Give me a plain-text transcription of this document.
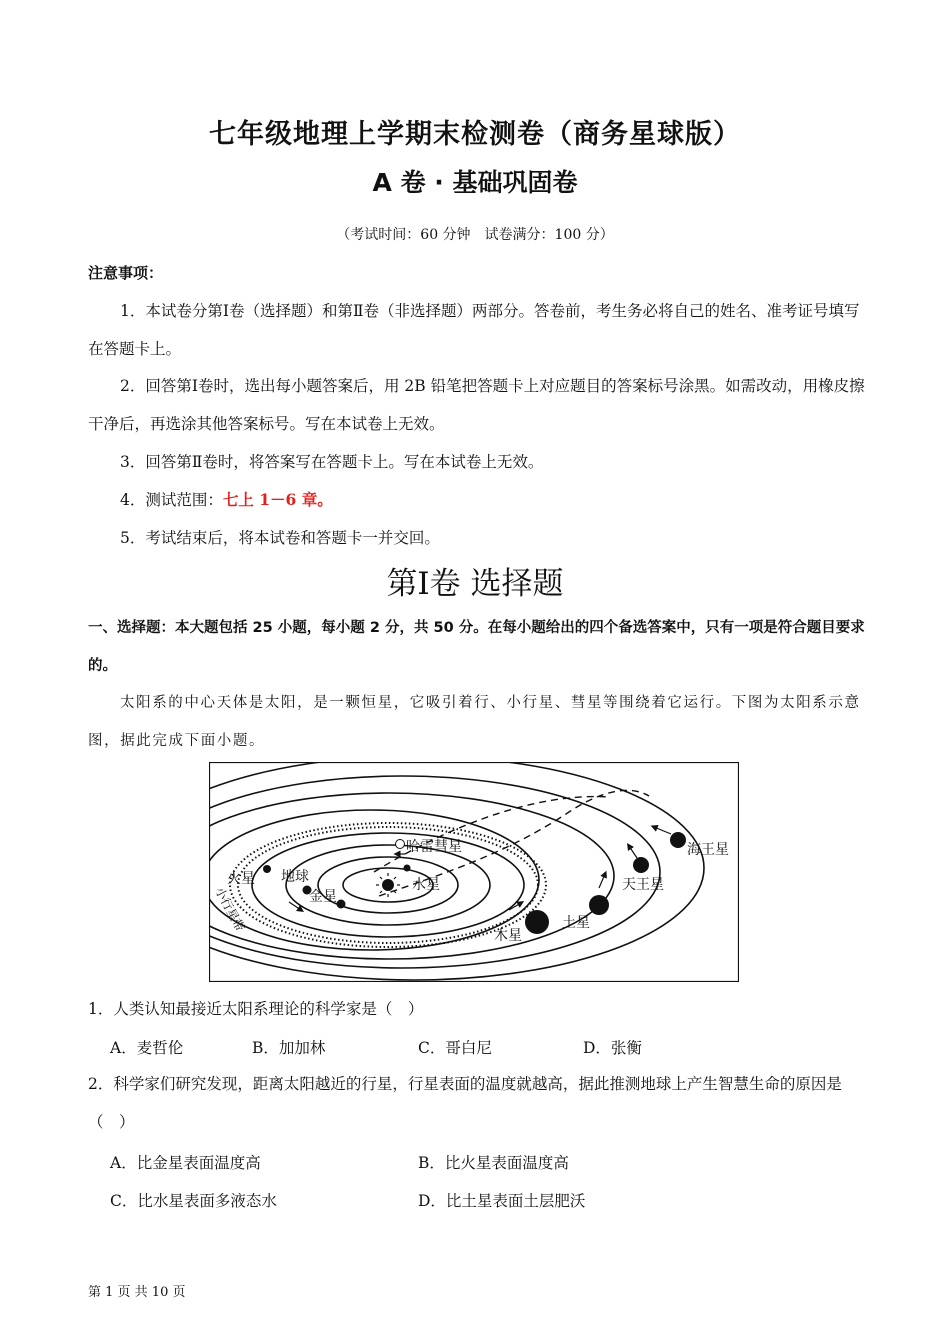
七年级地理上学期末检测卷（商务星球版）
A 卷 · 基础巩固卷
（考试时间：60 分钟　试卷满分：100 分）
注意事项：
1．本试卷分第Ⅰ卷（选择题）和第Ⅱ卷（非选择题）两部分。答卷前，考生务必将自己的姓名、准考证号填写在答题卡上。
2．回答第Ⅰ卷时，选出每小题答案后，用 2B 铅笔把答题卡上对应题目的答案标号涂黑。如需改动，用橡皮擦干净后，再选涂其他答案标号。写在本试卷上无效。
3．回答第Ⅱ卷时，将答案写在答题卡上。写在本试卷上无效。
4．测试范围：七上 1－6 章。
5．考试结束后，将本试卷和答题卡一并交回。
第Ⅰ卷 选择题
一、选择题：本大题包括 25 小题，每小题 2 分，共 50 分。在每小题给出的四个备选答案中，只有一项是符合题目要求的。
太阳系的中心天体是太阳，是一颗恒星，它吸引着行、小行星、彗星等围绕着它运行。下图为太阳系示意图，据此完成下面小题。
哈雷彗星
火星 地球
金星
水星
木星
土星
天王星
海王星
小行星带
1．人类认知最接近太阳系理论的科学家是（　）
A．麦哲伦	B．加加林	C．哥白尼	D．张衡
2．科学家们研究发现，距离太阳越近的行星，行星表面的温度就越高，据此推测地球上产生智慧生命的原因是（　）
A．比金星表面温度高	B．比火星表面温度高
C．比水星表面多液态水	D．比土星表面土层肥沃
第 1 页 共 10 页
